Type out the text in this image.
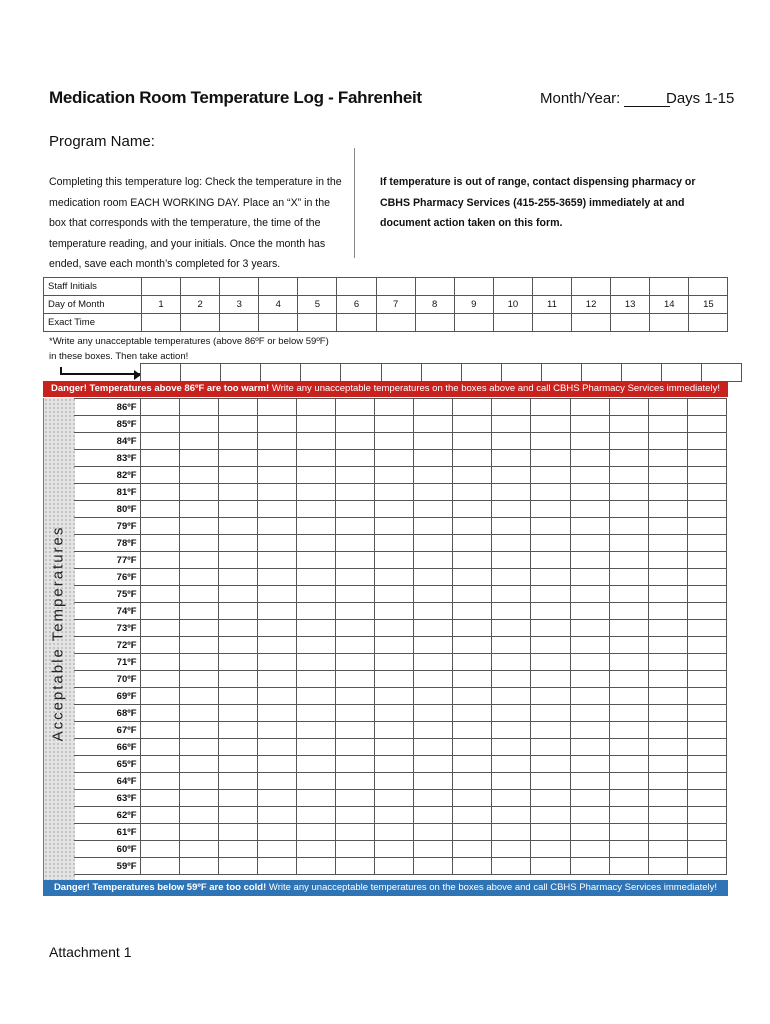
Medication Room Temperature Log - Fahrenheit	Month/Year:	Days 1-15
Program Name:
Completing this temperature log: Check the temperature in the medication room EACH WORKING DAY. Place an “X” in the box that corresponds with the temperature, the time of the temperature reading, and your initials. Once the month has ended, save each month’s completed for 3 years.
If temperature is out of range, contact dispensing pharmacy or CBHS Pharmacy Services (415-255-3659) immediately at and document action taken on this form.
Staff Initials															
Day of Month	1	2	3	4	5	6	7	8	9	10	11	12	13	14	15
Exact Time															
*Write any unacceptable temperatures (above 86ºF or below 59ºF)
in these boxes. Then take action!

Danger! Temperatures above 86ºF are too warm! Write any unacceptable temperatures on the boxes above and call CBHS Pharmacy Services immediately!
Acceptable Temperatures
86ºF															
85ºF															
84ºF															
83ºF															
82ºF															
81ºF															
80ºF															
79ºF															
78ºF															
77ºF															
76ºF															
75ºF															
74ºF															
73ºF															
72ºF															
71ºF															
70ºF															
69ºF															
68ºF															
67ºF															
66ºF															
65ºF															
64ºF															
63ºF															
62ºF															
61ºF															
60ºF															
59ºF															
Danger! Temperatures below 59ºF are too cold! Write any unacceptable temperatures on the boxes above and call CBHS Pharmacy Services immediately!
Attachment 1
